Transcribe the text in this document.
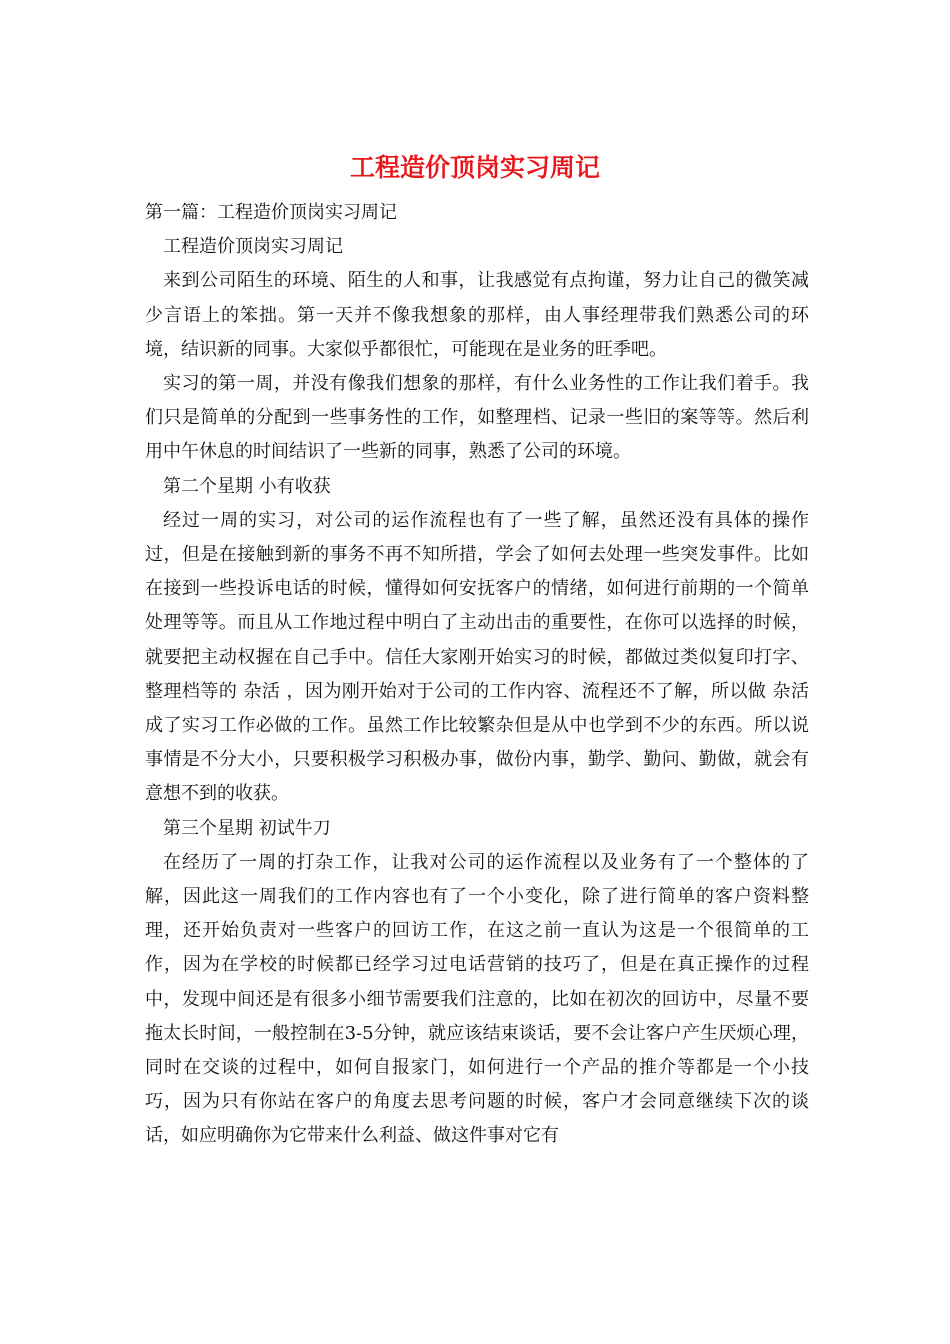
工程造价顶岗实习周记

第一篇：工程造价顶岗实习周记

工程造价顶岗实习周记

来到公司陌生的环境、陌生的人和事，让我感觉有点拘谨，努力让自己的微笑减少言语上的笨拙。第一天并不像我想象的那样，由人事经理带我们熟悉公司的环境，结识新的同事。大家似乎都很忙，可能现在是业务的旺季吧。

实习的第一周，并没有像我们想象的那样，有什么业务性的工作让我们着手。我们只是简单的分配到一些事务性的工作，如整理档、记录一些旧的案等等。然后利用中午休息的时间结识了一些新的同事，熟悉了公司的环境。

第二个星期 小有收获

经过一周的实习，对公司的运作流程也有了一些了解，虽然还没有具体的操作过，但是在接触到新的事务不再不知所措，学会了如何去处理一些突发事件。比如在接到一些投诉电话的时候，懂得如何安抚客户的情绪，如何进行前期的一个简单处理等等。而且从工作地过程中明白了主动出击的重要性，在你可以选择的时候，就要把主动权握在自己手中。信任大家刚开始实习的时候，都做过类似复印打字、整理档等的 杂活 ，因为刚开始对于公司的工作内容、流程还不了解，所以做 杂活 成了实习工作必做的工作。虽然工作比较繁杂但是从中也学到不少的东西。所以说事情是不分大小，只要积极学习积极办事，做份内事，勤学、勤问、勤做，就会有意想不到的收获。

第三个星期 初试牛刀

在经历了一周的打杂工作，让我对公司的运作流程以及业务有了一个整体的了解，因此这一周我们的工作内容也有了一个小变化，除了进行简单的客户资料整理，还开始负责对一些客户的回访工作，在这之前一直认为这是一个很简单的工作，因为在学校的时候都已经学习过电话营销的技巧了，但是在真正操作的过程中，发现中间还是有很多小细节需要我们注意的，比如在初次的回访中，尽量不要拖太长时间，一般控制在3-5分钟，就应该结束谈话，要不会让客户产生厌烦心理，同时在交谈的过程中，如何自报家门，如何进行一个产品的推介等都是一个小技巧，因为只有你站在客户的角度去思考问题的时候，客户才会同意继续下次的谈话，如应明确你为它带来什么利益、做这件事对它有
